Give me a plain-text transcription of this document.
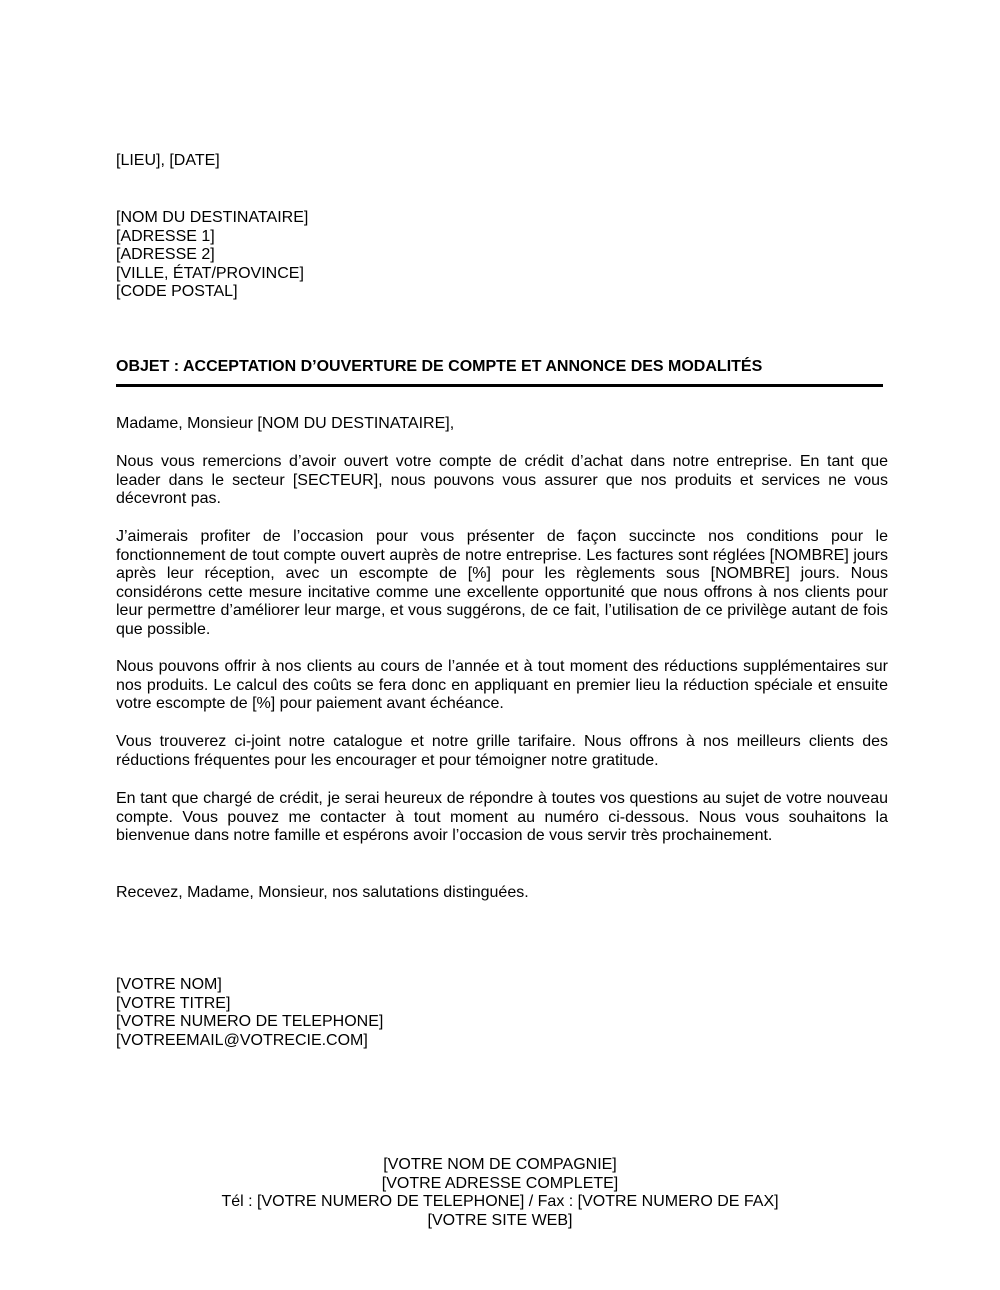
[LIEU], [DATE]
[NOM DU DESTINATAIRE]
[ADRESSE 1]
[ADRESSE 2]
[VILLE, ÉTAT/PROVINCE]
[CODE POSTAL]
OBJET : ACCEPTATION D’OUVERTURE DE COMPTE ET ANNONCE DES MODALITÉS
Madame, Monsieur [NOM DU DESTINATAIRE],

Nous vous remercions d’avoir ouvert votre compte de crédit d’achat dans notre entreprise. En tant que leader dans le secteur [SECTEUR], nous pouvons vous assurer que nos produits et services ne vous décevront pas.

J’aimerais profiter de l’occasion pour vous présenter de façon succincte nos conditions pour le fonctionnement de tout compte ouvert auprès de notre entreprise. Les factures sont réglées [NOMBRE] jours après leur réception, avec un escompte de [%] pour les règlements sous [NOMBRE] jours. Nous considérons cette mesure incitative comme une excellente opportunité que nous offrons à nos clients pour leur permettre d’améliorer leur marge, et vous suggérons, de ce fait, l’utilisation de ce privilège autant de fois que possible.

Nous pouvons offrir à nos clients au cours de l’année et à tout moment des réductions supplémentaires sur nos produits. Le calcul des coûts se fera donc en appliquant en premier lieu la réduction spéciale et ensuite votre escompte de [%] pour paiement avant échéance.

Vous trouverez ci-joint notre catalogue et notre grille tarifaire. Nous offrons à nos meilleurs clients des réductions fréquentes pour les encourager et pour témoigner notre gratitude.

En tant que chargé de crédit, je serai heureux de répondre à toutes vos questions au sujet de votre nouveau compte. Vous pouvez me contacter à tout moment au numéro ci-dessous. Nous vous souhaitons la bienvenue dans notre famille et espérons avoir l’occasion de vous servir très prochainement.

Recevez, Madame, Monsieur, nos salutations distinguées.
[VOTRE NOM]
[VOTRE TITRE]
[VOTRE NUMERO DE TELEPHONE]
[VOTREEMAIL@VOTRECIE.COM]
[VOTRE NOM DE COMPAGNIE]
[VOTRE ADRESSE COMPLETE]
Tél : [VOTRE NUMERO DE TELEPHONE] / Fax : [VOTRE NUMERO DE FAX]
[VOTRE SITE WEB]
